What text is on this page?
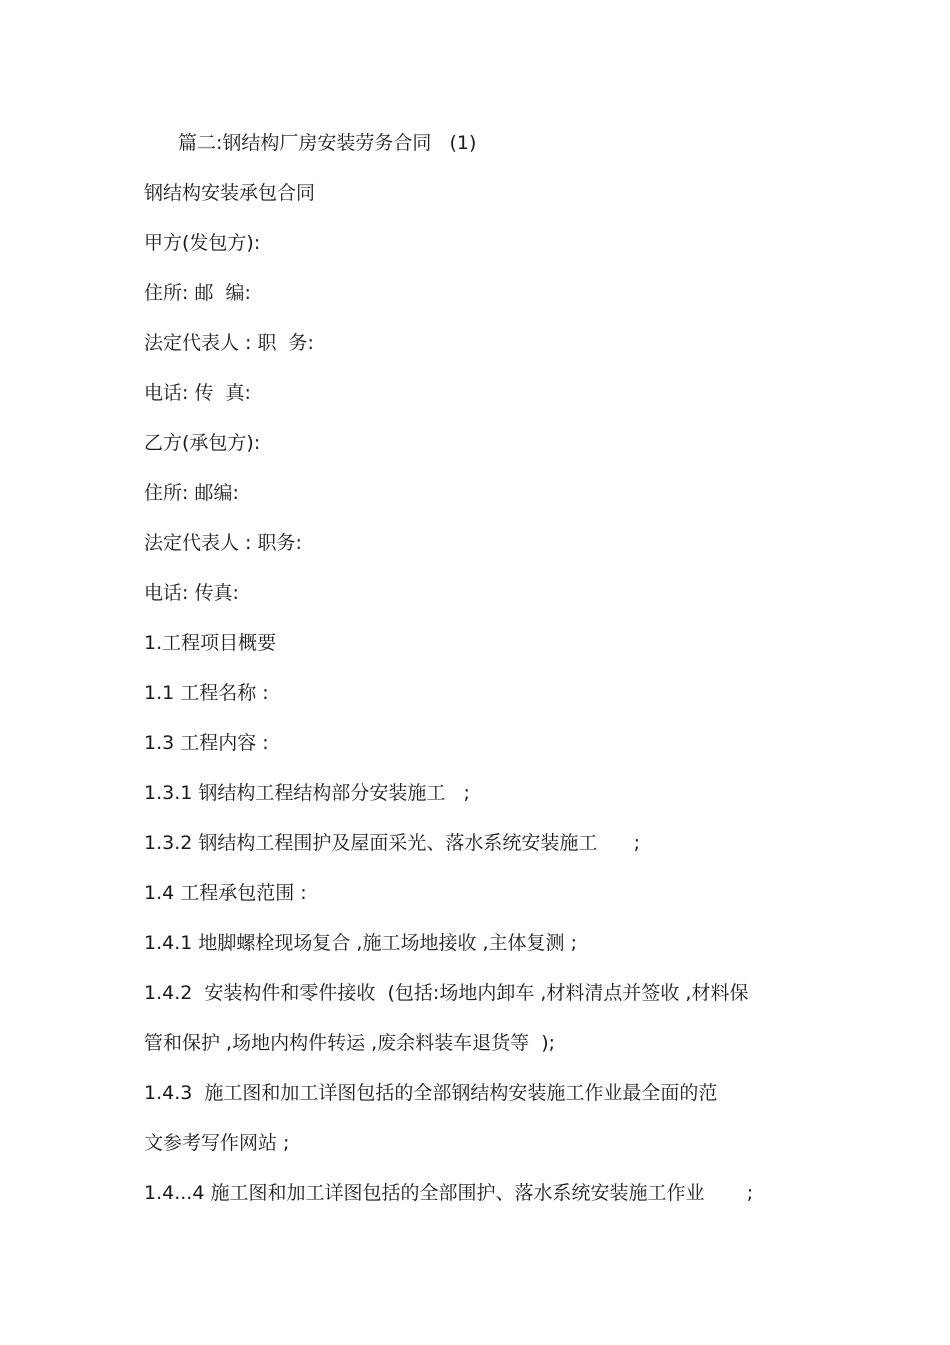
篇二:钢结构厂房安装劳务合同   (1)

钢结构安装承包合同

甲方(发包方):

住所: 邮  编:

法定代表人 : 职  务:

电话: 传  真:

乙方(承包方):

住所: 邮编:

法定代表人 : 职务:

电话: 传真:

1.工程项目概要

1.1 工程名称 :

1.3 工程内容 :

1.3.1 钢结构工程结构部分安装施工   ;

1.3.2 钢结构工程围护及屋面采光、落水系统安装施工      ;

1.4 工程承包范围 :

1.4.1 地脚螺栓现场复合 ,施工场地接收 ,主体复测 ;

1.4.2  安装构件和零件接收  (包括:场地内卸车 ,材料清点并签收 ,材料保

管和保护 ,场地内构件转运 ,废余料装车退货等  );

1.4.3  施工图和加工详图包括的全部钢结构安装施工作业最全面的范

文参考写作网站 ;

1.4...4 施工图和加工详图包括的全部围护、落水系统安装施工作业       ;
